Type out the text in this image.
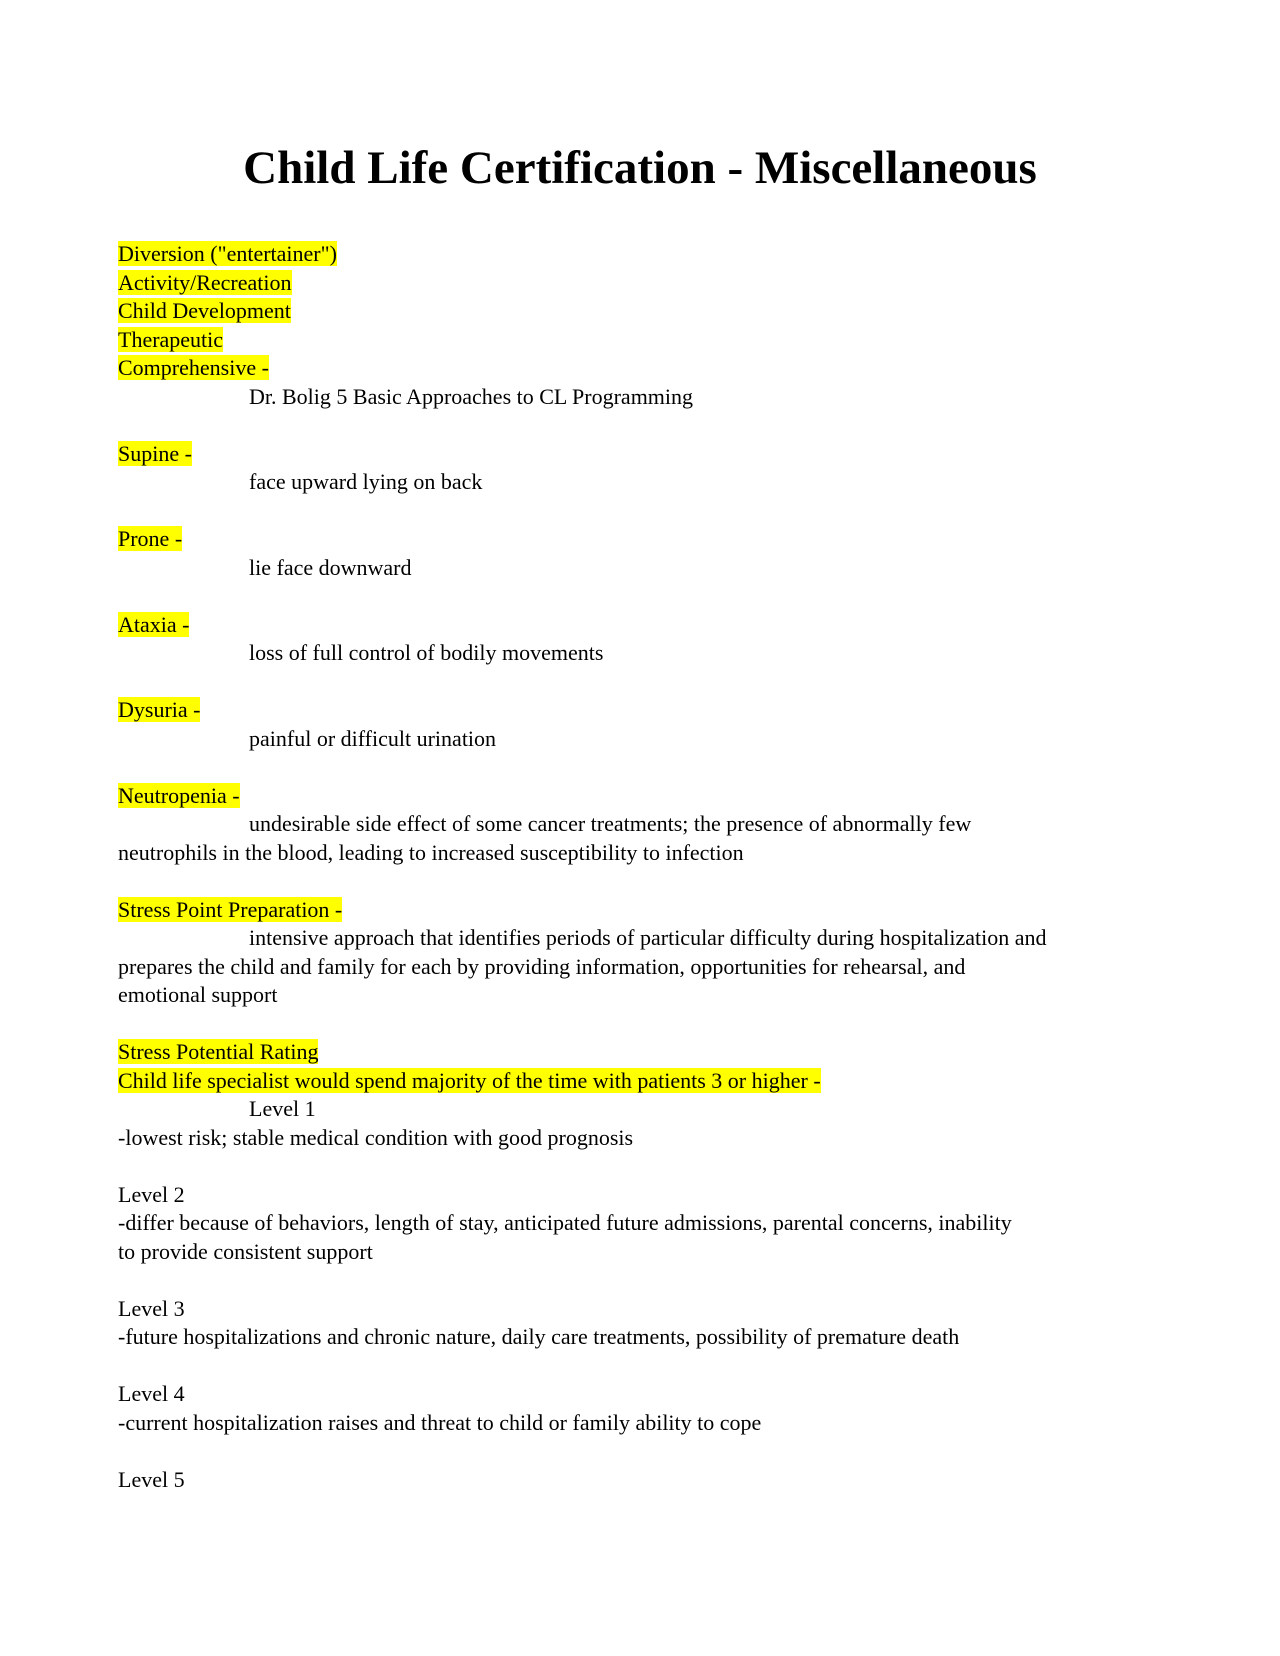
Child Life Certification - Miscellaneous
Diversion ("entertainer")
Activity/Recreation
Child Development
Therapeutic
Comprehensive -
Dr. Bolig 5 Basic Approaches to CL Programming
Supine -
face upward lying on back
Prone -
lie face downward
Ataxia -
loss of full control of bodily movements
Dysuria -
painful or difficult urination
Neutropenia -
undesirable side effect of some cancer treatments; the presence of abnormally few
neutrophils in the blood, leading to increased susceptibility to infection
Stress Point Preparation -
intensive approach that identifies periods of particular difficulty during hospitalization and
prepares the child and family for each by providing information, opportunities for rehearsal, and
emotional support
Stress Potential Rating
Child life specialist would spend majority of the time with patients 3 or higher -
Level 1
-lowest risk; stable medical condition with good prognosis
Level 2
-differ because of behaviors, length of stay, anticipated future admissions, parental concerns, inability
to provide consistent support
Level 3
-future hospitalizations and chronic nature, daily care treatments, possibility of premature death
Level 4
-current hospitalization raises and threat to child or family ability to cope
Level 5
